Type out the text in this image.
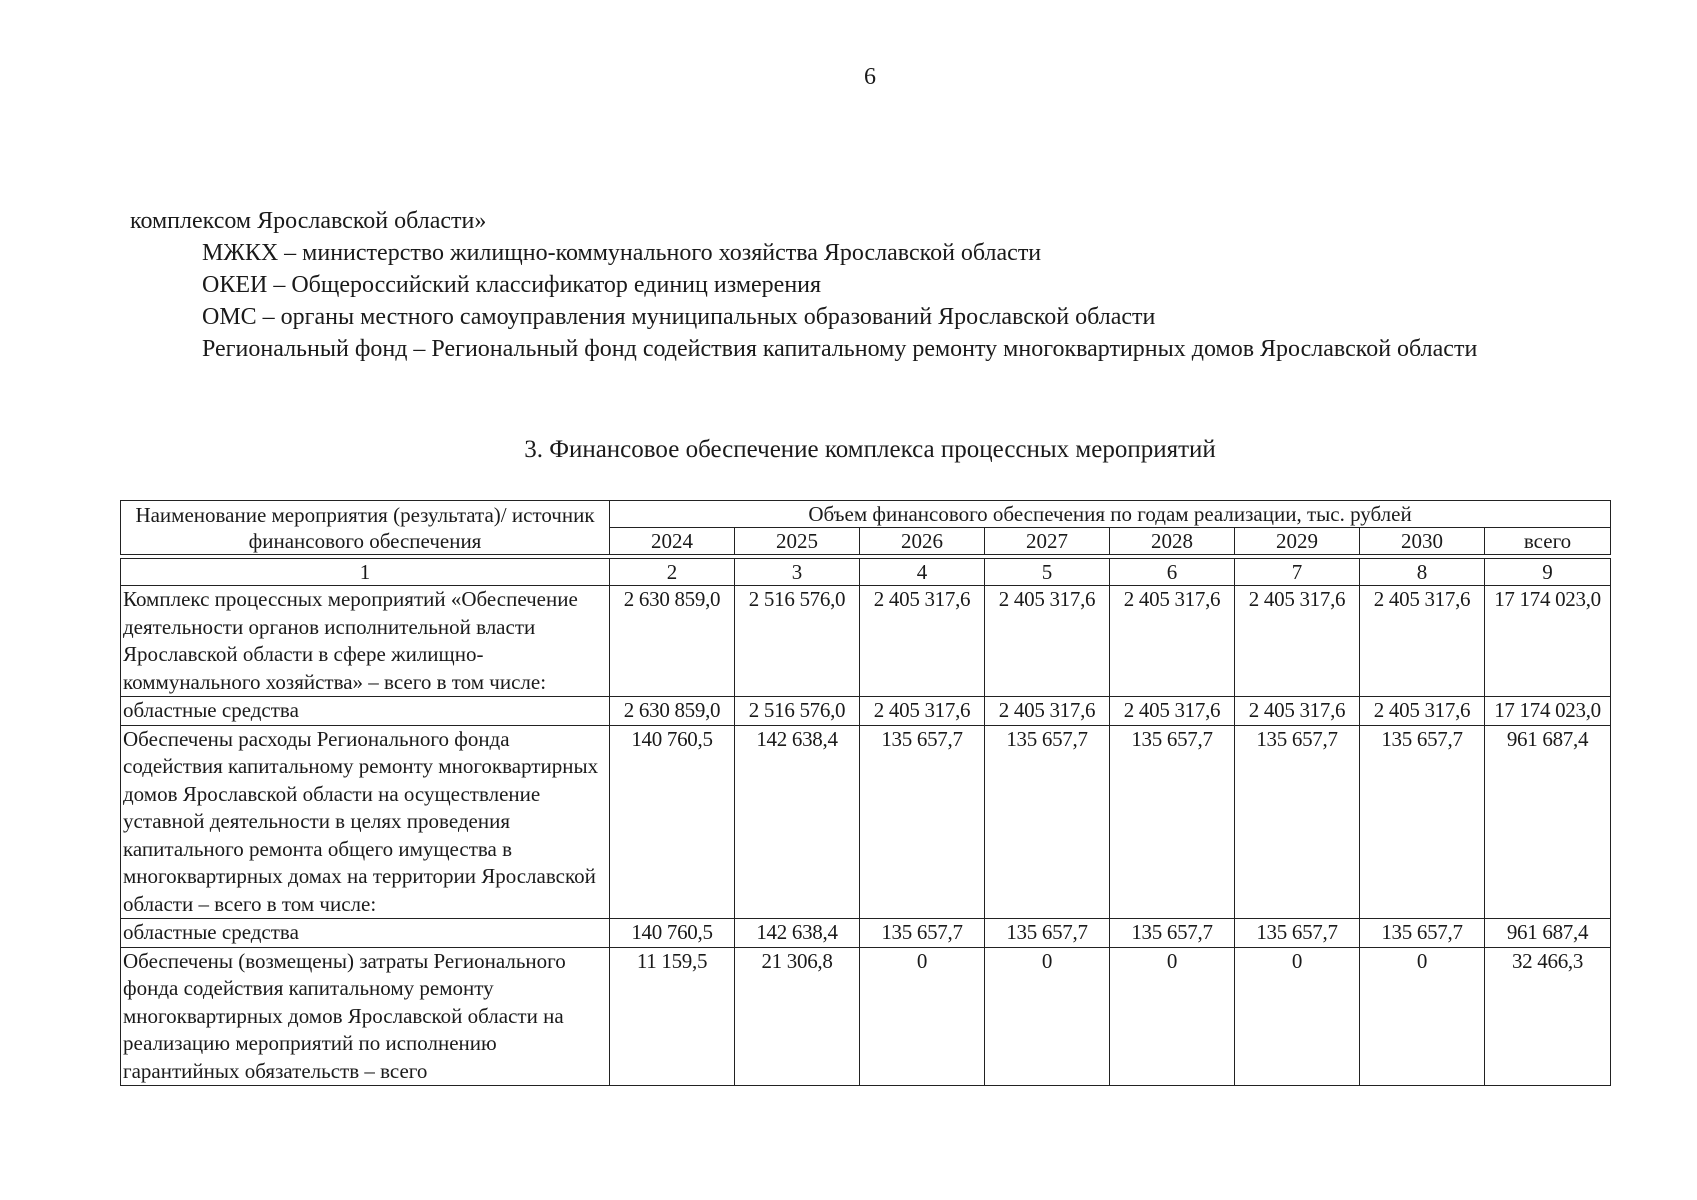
6

комплексом Ярославской области»

МЖКХ – министерство жилищно-коммунального хозяйства Ярославской области

ОКЕИ – Общероссийский классификатор единиц измерения

ОМС – органы местного самоуправления муниципальных образований Ярославской области

Региональный фонд – Региональный фонд содействия капитальному ремонту многоквартирных домов Ярославской области

3. Финансовое обеспечение комплекса процессных мероприятий
Наименование мероприятия (результата)/ источник финансового обеспечения	Объем финансового обеспечения по годам реализации, тыс. рублей							
	2024	2025	2026	2027	2028	2029	2030	всего

1	2	3	4	5	6	7	8	9
Комплекс процессных мероприятий «Обеспечение деятельности органов исполнительной власти Ярославской области в сфере жилищно-коммунального хозяйства» – всего в том числе:	2 630 859,0	2 516 576,0	2 405 317,6	2 405 317,6	2 405 317,6	2 405 317,6	2 405 317,6	17 174 023,0
областные средства	2 630 859,0	2 516 576,0	2 405 317,6	2 405 317,6	2 405 317,6	2 405 317,6	2 405 317,6	17 174 023,0
Обеспечены расходы Регионального фонда содействия капитальному ремонту многоквартирных домов Ярославской области на осуществление уставной деятельности в целях проведения капитального ремонта общего имущества в многоквартирных домах на территории Ярославской области – всего в том числе:	140 760,5	142 638,4	135 657,7	135 657,7	135 657,7	135 657,7	135 657,7	961 687,4
областные средства	140 760,5	142 638,4	135 657,7	135 657,7	135 657,7	135 657,7	135 657,7	961 687,4
Обеспечены (возмещены) затраты Регионального фонда содействия капитальному ремонту многоквартирных домов Ярославской области на реализацию мероприятий по исполнению гарантийных обязательств – всего	11 159,5	21 306,8	0	0	0	0	0	32 466,3
